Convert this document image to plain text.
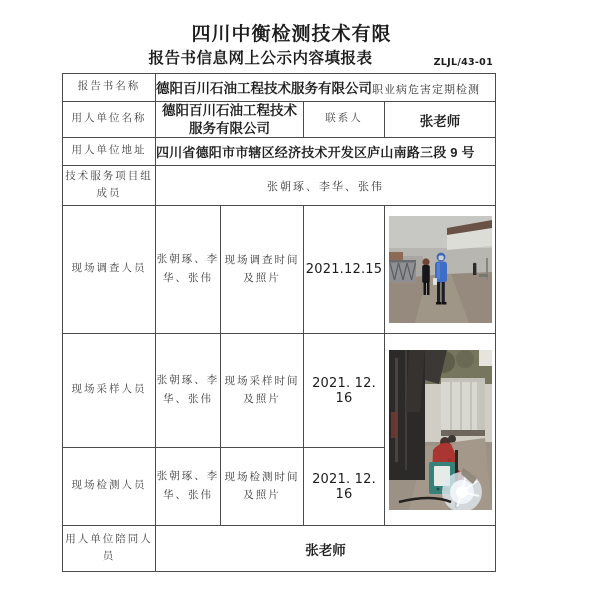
四川中衡检测技术有限
报告书信息网上公示内容填报表	ZLJL/43-01
报告书名称	德阳百川石油工程技术服务有限公司职业病危害定期检测			
用人单位名称	德阳百川石油工程技术服务有限公司		联系人	张老师
用人单位地址	四川省德阳市市辖区经济技术开发区庐山南路三段 9 号			
技术服务项目组成员	张朝琢、李华、张伟			
现场调查人员	张朝琢、李华、张伟	现场调查时间及照片	2021.12.15	

现场采样人员	张朝琢、李华、张伟	现场采样时间及照片	2021. 12. 16	

现场检测人员	张朝琢、李华、张伟	现场检测时间及照片	2021. 12. 16	
用人单位陪同人员	张老师			
